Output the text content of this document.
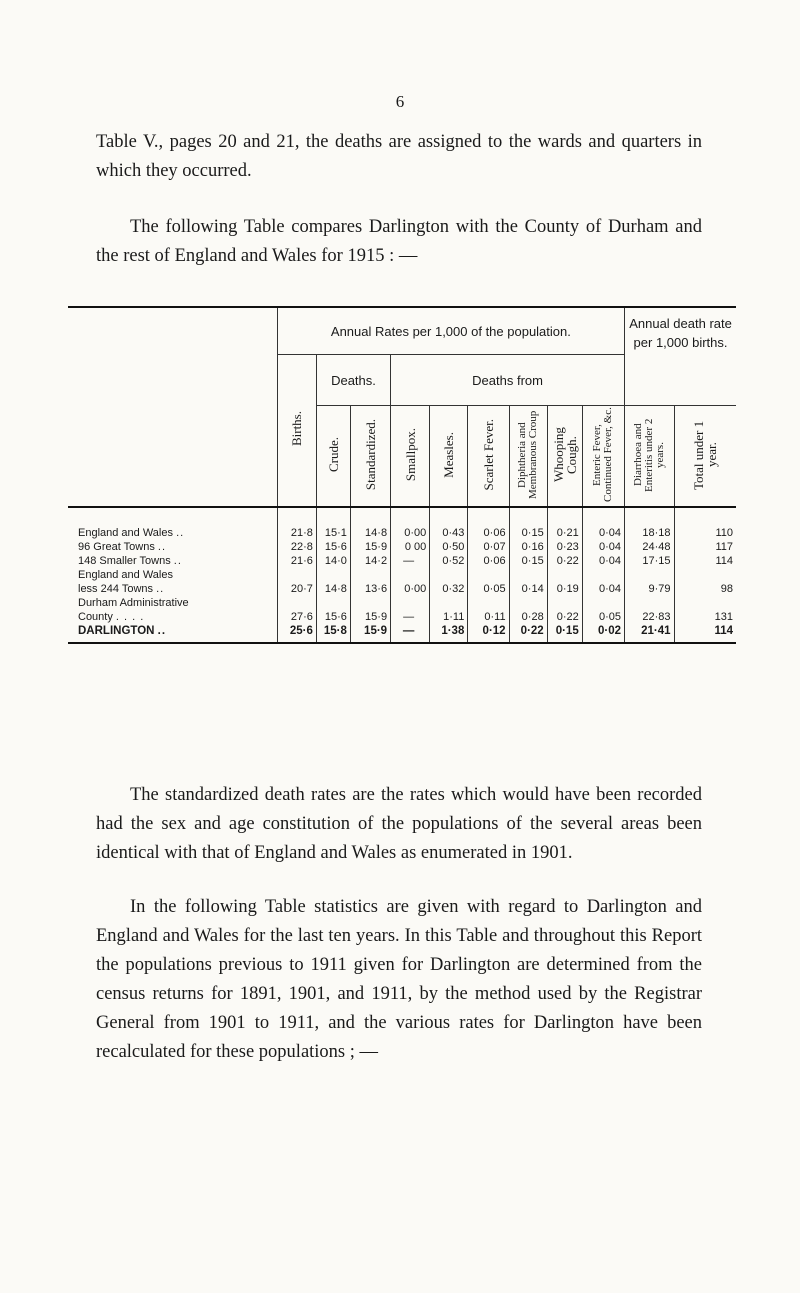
6

Table V., pages 20 and 21, the deaths are assigned to the wards and quarters in which they occurred.

The following Table compares Darlington with the County of Durham and the rest of England and Wales for 1915 : —

	Annual Rates per 1,000 of the population.									Annual death rate per 1,000 births.	
	Births.	Deaths.		Deaths from							
		Crude.	Standardized.	Smallpox.	Measles.	Scarlet Fever.	Diphtheria and Membranous Croup	Whooping Cough.	Enteric Fever, Continued Fever, &c.	Diarrhoea and Enteritis under 2 years.	Total under 1 year.

England and Wales ..	21·8	15·1	14·8	0·00	0·43	0·06	0·15	0·21	0·04	18·18	110
96 Great Towns ..	22·8	15·6	15·9	0 00	0·50	0·07	0·16	0·23	0·04	24·48	117
148 Smaller Towns ..	21·6	14·0	14·2	—	0·52	0·06	0·15	0·22	0·04	17·15	114

England and Wales
less 244 Towns ..	20·7	14·8	13·6	0·00	0·32	0·05	0·14	0·19	0·04	9·79	98

Durham Administrative
County . . . .	27·6	15·6	15·9	—	1·11	0·11	0·28	0·22	0·05	22·83	131
DARLINGTON ..	25·6	15·8	15·9	—	1·38	0·12	0·22	0·15	0·02	21·41	114

The standardized death rates are the rates which would have been recorded had the sex and age constitution of the populations of the several areas been identical with that of England and Wales as enumerated in 1901.

In the following Table statistics are given with regard to Darlington and England and Wales for the last ten years. In this Table and throughout this Report the populations previous to 1911 given for Darlington are determined from the census returns for 1891, 1901, and 1911, by the method used by the Registrar General from 1901 to 1911, and the various rates for Darlington have been recalculated for these populations ; —
